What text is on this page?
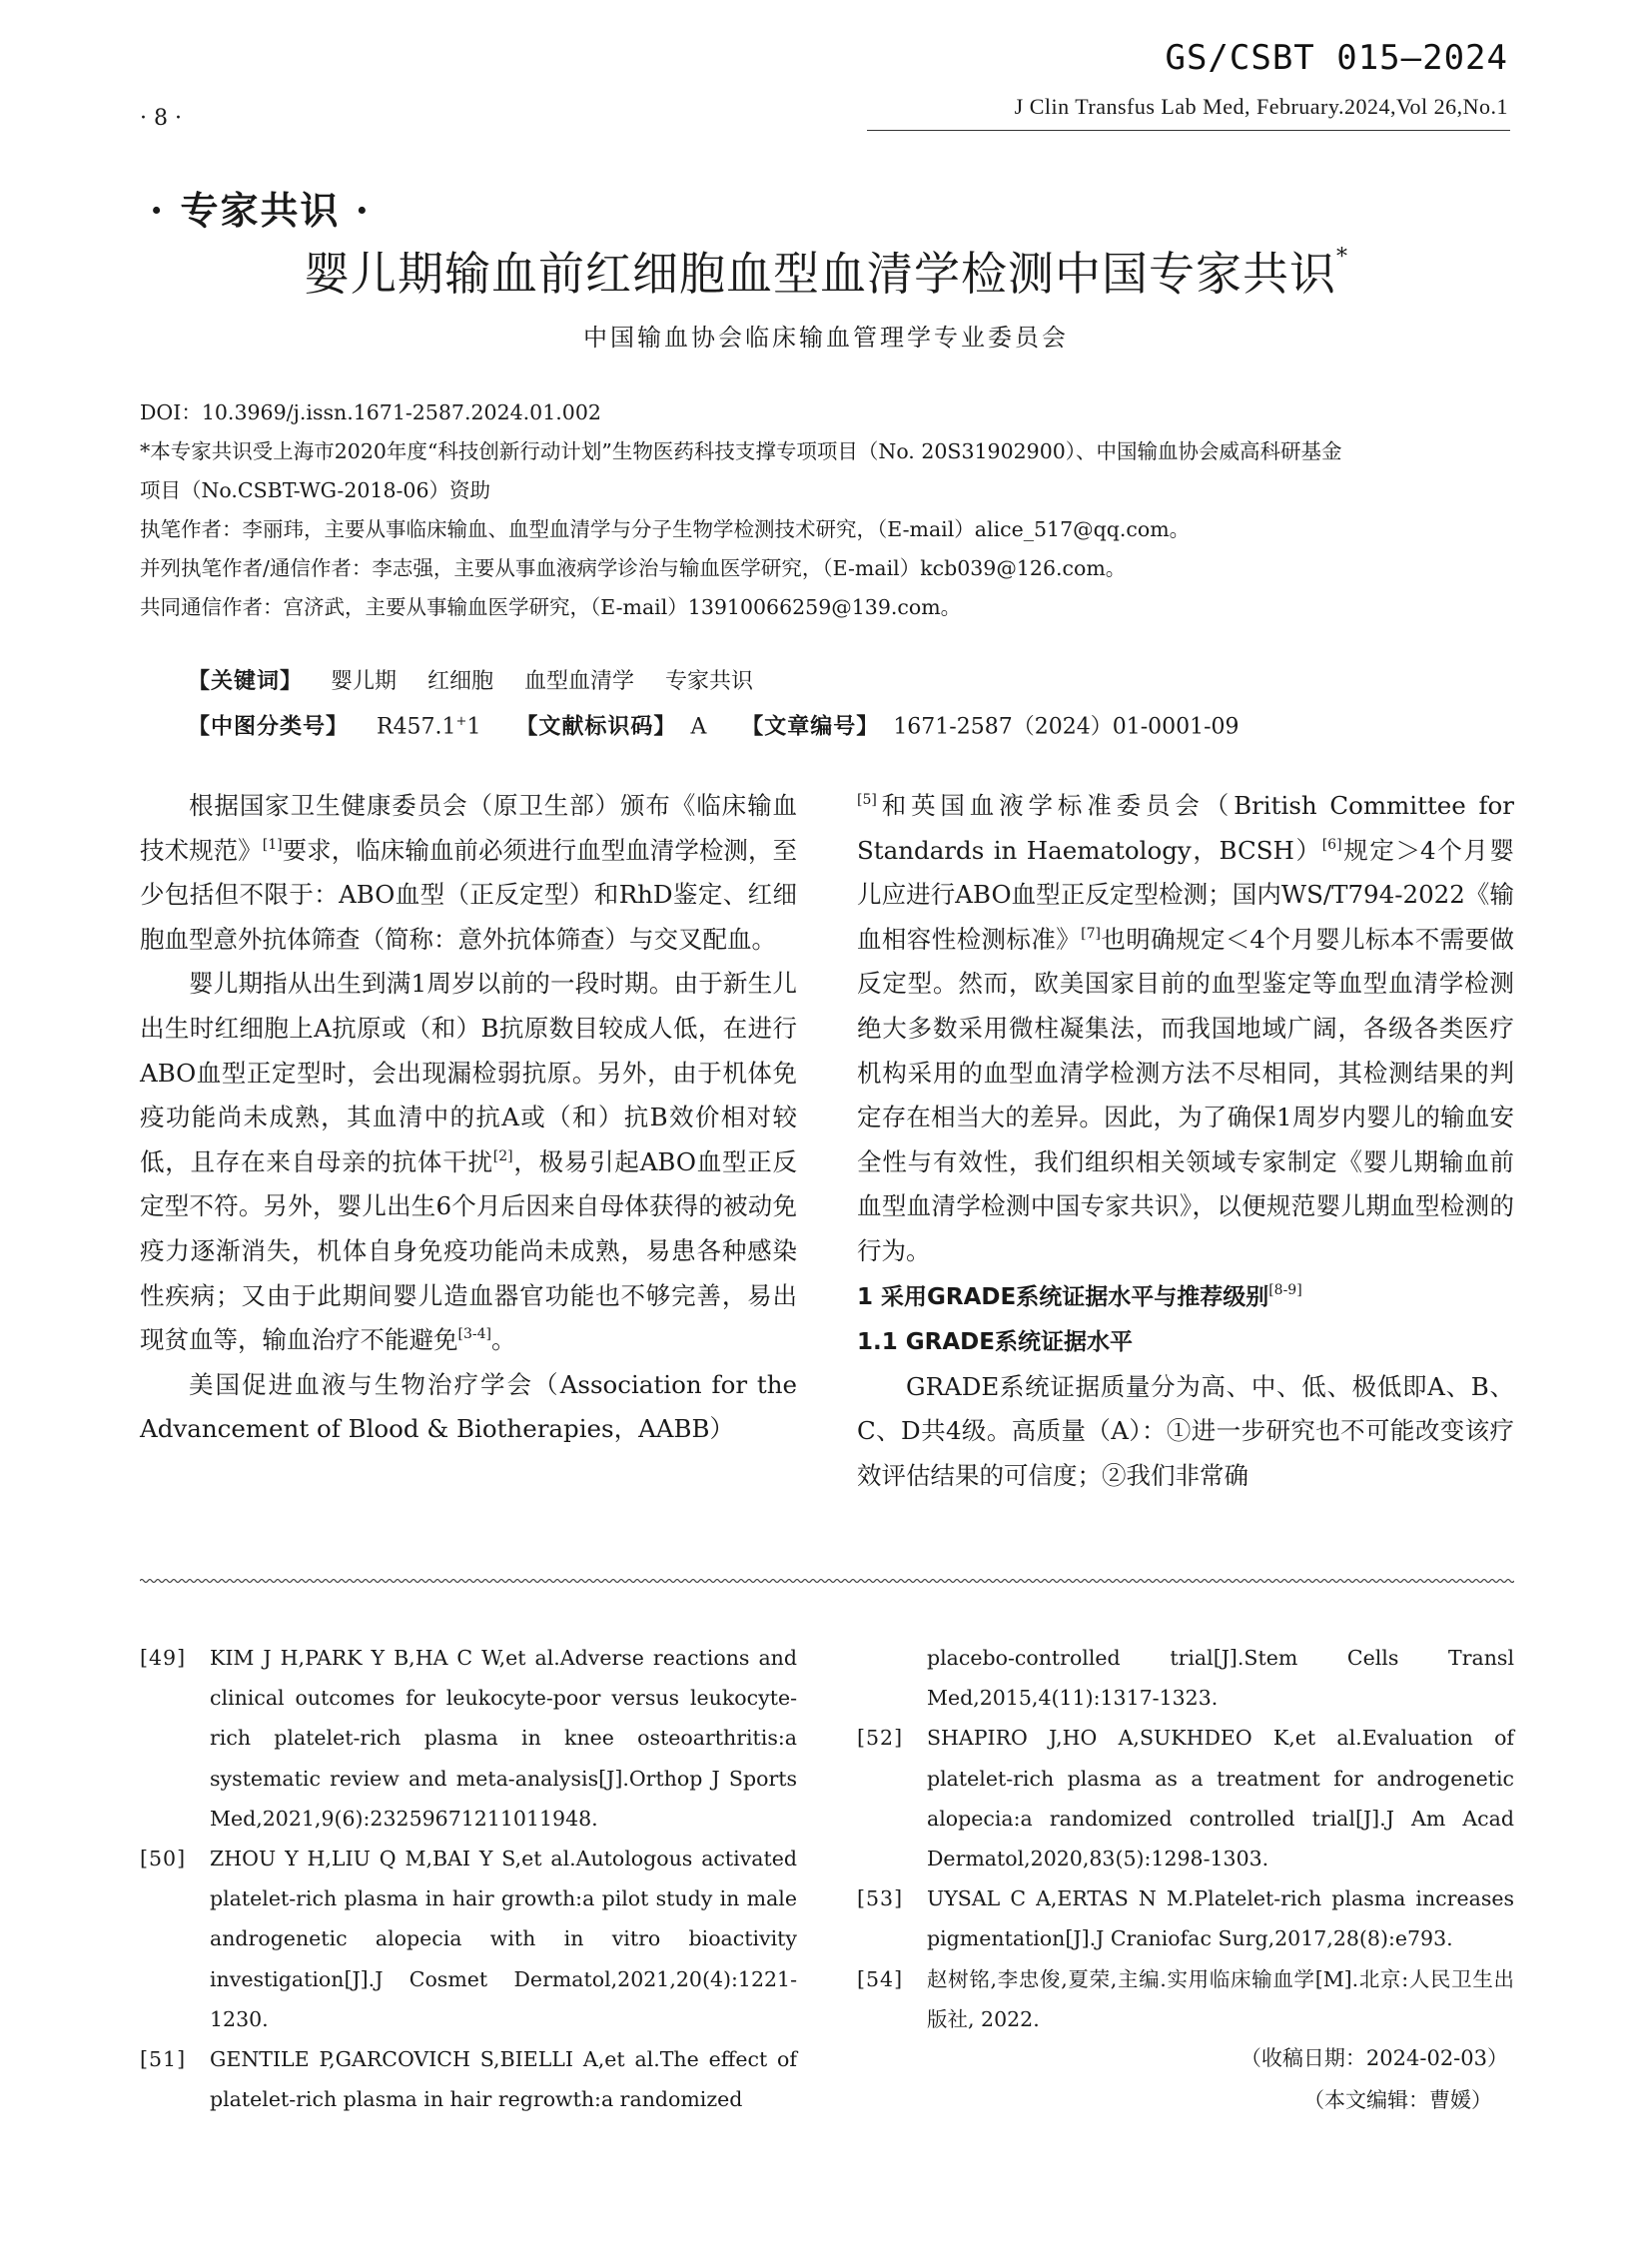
GS/CSBT 015—2024
· 8 ·	J Clin Transfus Lab Med, February.2024,Vol 26,No.1
· 专家共识 ·
婴儿期输血前红细胞血型血清学检测中国专家共识*
中国输血协会临床输血管理学专业委员会
DOI：10.3969/j.issn.1671-2587.2024.01.002
*本专家共识受上海市2020年度“科技创新行动计划”生物医药科技支撑专项项目（No. 20S31902900）、中国输血协会威高科研基金
项目（No.CSBT-WG-2018-06）资助
执笔作者：李丽玮，主要从事临床输血、血型血清学与分子生物学检测技术研究，（E-mail）alice_517@qq.com。
并列执笔作者/通信作者：李志强，主要从事血液病学诊治与输血医学研究，（E-mail）kcb039@126.com。
共同通信作者：宫济武，主要从事输血医学研究，（E-mail）13910066259@139.com。
【关键词】 婴儿期 红细胞 血型血清学 专家共识
【中图分类号】 R457.1+1 【文献标识码】 A 【文章编号】 1671-2587（2024）01-0001-09

根据国家卫生健康委员会（原卫生部）颁布《临床输血技术规范》[1]要求，临床输血前必须进行血型血清学检测，至少包括但不限于：ABO血型（正反定型）和RhD鉴定、红细胞血型意外抗体筛查（简称：意外抗体筛查）与交叉配血。

婴儿期指从出生到满1周岁以前的一段时期。由于新生儿出生时红细胞上A抗原或（和）B抗原数目较成人低，在进行ABO血型正定型时，会出现漏检弱抗原。另外，由于机体免疫功能尚未成熟，其血清中的抗A或（和）抗B效价相对较低，且存在来自母亲的抗体干扰[2]，极易引起ABO血型正反定型不符。另外，婴儿出生6个月后因来自母体获得的被动免疫力逐渐消失，机体自身免疫功能尚未成熟，易患各种感染性疾病；又由于此期间婴儿造血器官功能也不够完善，易出现贫血等，输血治疗不能避免[3-4]。

美国促进血液与生物治疗学会（Association for the Advancement of Blood & Biotherapies，AABB）

[5]和英国血液学标准委员会（British Committee for Standards in Haematology，BCSH）[6]规定＞4个月婴儿应进行ABO血型正反定型检测；国内WS/T794-2022《输血相容性检测标准》[7]也明确规定＜4个月婴儿标本不需要做反定型。然而，欧美国家目前的血型鉴定等血型血清学检测绝大多数采用微柱凝集法，而我国地域广阔，各级各类医疗机构采用的血型血清学检测方法不尽相同，其检测结果的判定存在相当大的差异。因此，为了确保1周岁内婴儿的输血安全性与有效性，我们组织相关领域专家制定《婴儿期输血前血型血清学检测中国专家共识》，以便规范婴儿期血型检测的行为。

1 采用GRADE系统证据水平与推荐级别[8-9]

1.1 GRADE系统证据水平

GRADE系统证据质量分为高、中、低、极低即A、B、C、D共4级。高质量（A）：①进一步研究也不可能改变该疗效评估结果的可信度；②我们非常确

[49]	KIM J H,PARK Y B,HA C W,et al.Adverse reactions and clinical outcomes for leukocyte-poor versus leukocyte-rich platelet-rich plasma in knee osteoarthritis:a systematic review and meta-analysis[J].Orthop J Sports Med,2021,9(6):23259671211011948.
[50]	ZHOU Y H,LIU Q M,BAI Y S,et al.Autologous activated platelet-rich plasma in hair growth:a pilot study in male androgenetic alopecia with in vitro bioactivity investigation[J].J Cosmet Dermatol,2021,20(4):1221-1230.
[51]	GENTILE P,GARCOVICH S,BIELLI A,et al.The effect of platelet-rich plasma in hair regrowth:a randomized
placebo-controlled trial[J].Stem Cells Transl Med,2015,4(11):1317-1323.
[52]	SHAPIRO J,HO A,SUKHDEO K,et al.Evaluation of platelet-rich plasma as a treatment for androgenetic alopecia:a randomized controlled trial[J].J Am Acad Dermatol,2020,83(5):1298-1303.
[53]	UYSAL C A,ERTAS N M.Platelet-rich plasma increases pigmentation[J].J Craniofac Surg,2017,28(8):e793.
[54]	赵树铭,李忠俊,夏荣,主编.实用临床输血学[M].北京:人民卫生出版社, 2022.
（收稿日期：2024-02-03）
（本文编辑：曹媛）
